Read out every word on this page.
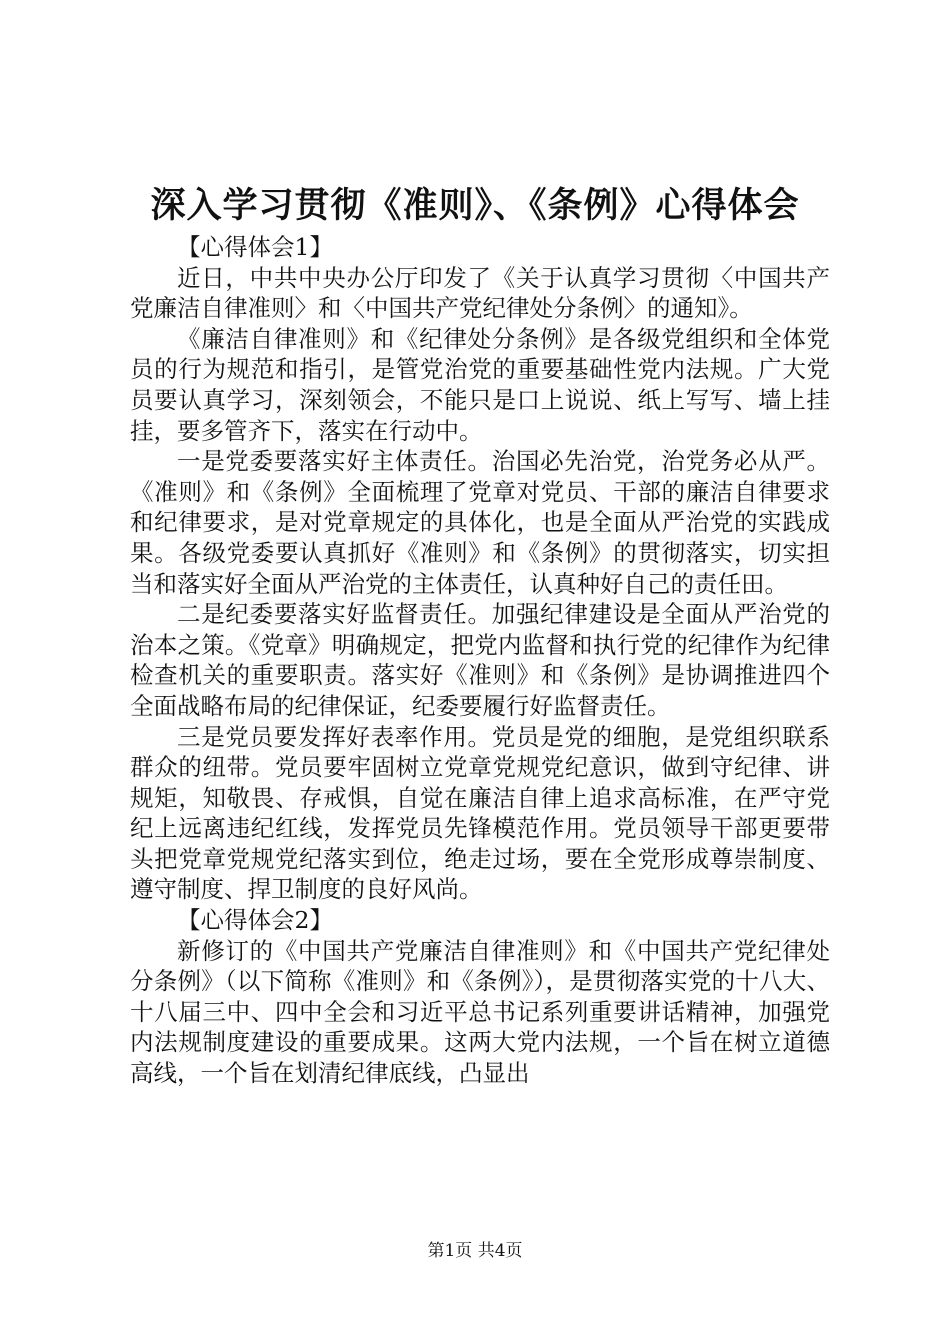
深入学习贯彻《准则》、《条例》心得体会

【心得体会1】

近日，中共中央办公厅印发了《关于认真学习贯彻〈中国共产党廉洁自律准则〉和〈中国共产党纪律处分条例〉的通知》。

《廉洁自律准则》和《纪律处分条例》是各级党组织和全体党员的行为规范和指引，是管党治党的重要基础性党内法规。广大党员要认真学习，深刻领会，不能只是口上说说、纸上写写、墙上挂挂，要多管齐下，落实在行动中。

一是党委要落实好主体责任。治国必先治党，治党务必从严。《准则》和《条例》全面梳理了党章对党员、干部的廉洁自律要求和纪律要求，是对党章规定的具体化，也是全面从严治党的实践成果。各级党委要认真抓好《准则》和《条例》的贯彻落实，切实担当和落实好全面从严治党的主体责任，认真种好自己的责任田。

二是纪委要落实好监督责任。加强纪律建设是全面从严治党的治本之策。《党章》明确规定，把党内监督和执行党的纪律作为纪律检查机关的重要职责。落实好《准则》和《条例》是协调推进四个全面战略布局的纪律保证，纪委要履行好监督责任。

三是党员要发挥好表率作用。党员是党的细胞，是党组织联系群众的纽带。党员要牢固树立党章党规党纪意识，做到守纪律、讲规矩，知敬畏、存戒惧，自觉在廉洁自律上追求高标准，在严守党纪上远离违纪红线，发挥党员先锋模范作用。党员领导干部更要带头把党章党规党纪落实到位，绝走过场，要在全党形成尊崇制度、遵守制度、捍卫制度的良好风尚。

【心得体会2】

新修订的《中国共产党廉洁自律准则》和《中国共产党纪律处分条例》（以下简称《准则》和《条例》），是贯彻落实党的十八大、十八届三中、四中全会和习近平总书记系列重要讲话精神，加强党内法规制度建设的重要成果。这两大党内法规，一个旨在树立道德高线，一个旨在划清纪律底线，凸显出

第1页 共4页
